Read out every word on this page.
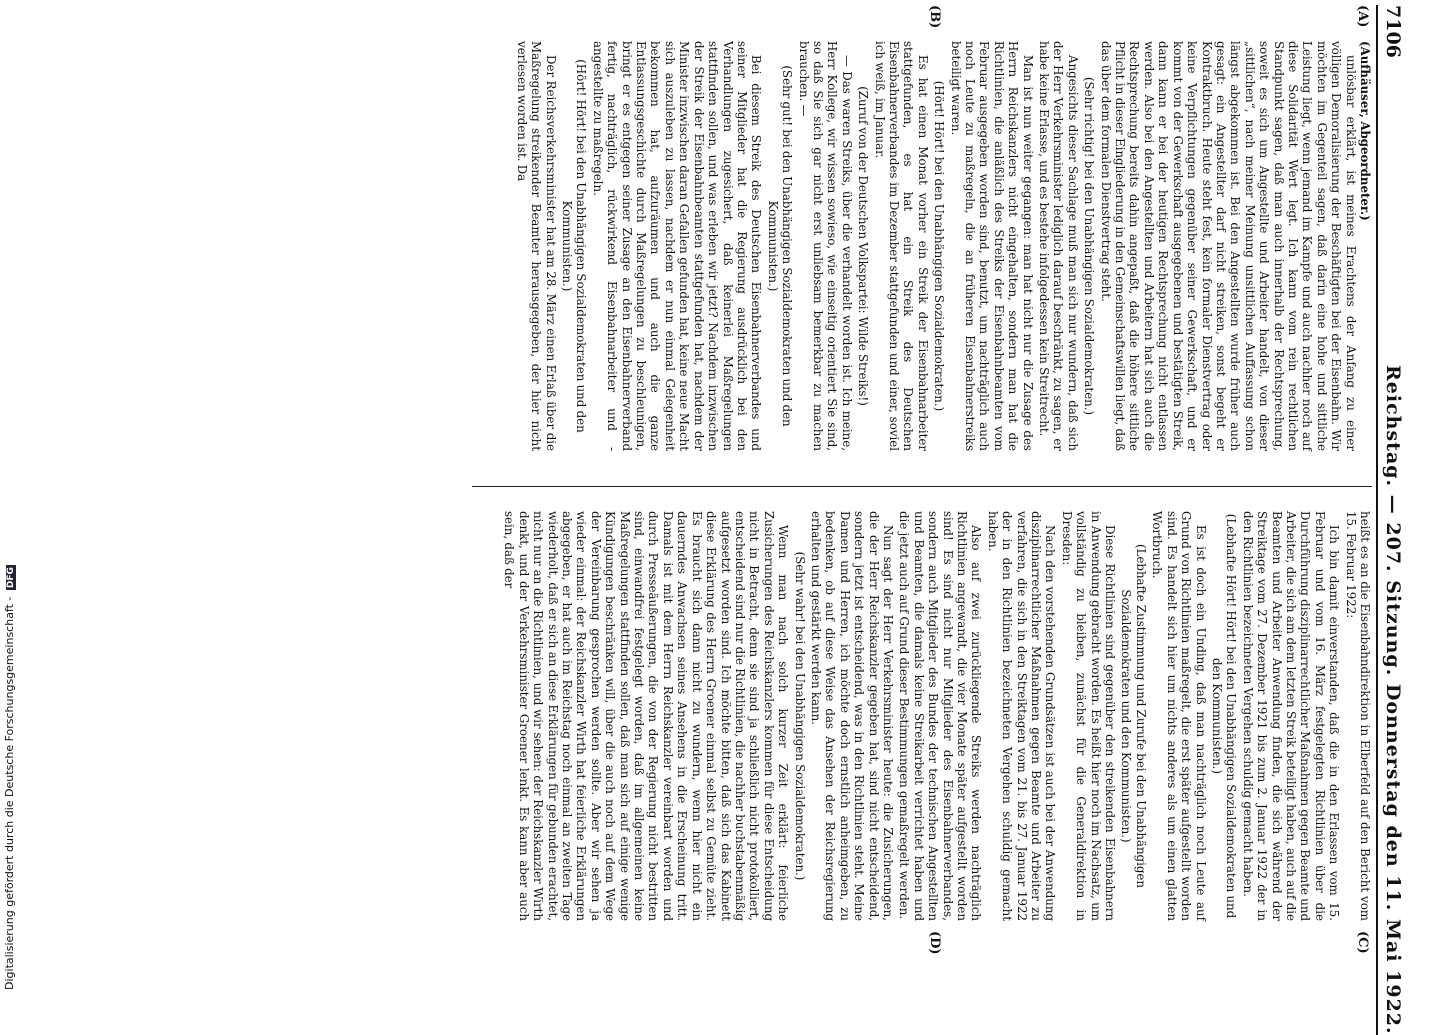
7106
Reichstag. — 207. Sitzung. Donnerstag den 11. Mai 1922.
(A)
(B)
(C)
(D)
(Aufhäuser, Abgeordneter.)

unlösbar erklärt, ist meines Erachtens der Anfang zu einer völligen Demoralisierung der Beschäftigten bei der Eisenbahn. Wir möchten im Gegenteil sagen, daß darin eine hohe und sittliche Leistung liegt, wenn jemand im Kampfe und auch nachher noch auf diese Solidarität Wert legt. Ich kann vom rein rechtlichen Standpunkt sagen, daß man auch innerhalb der Rechtsprechung, soweit es sich um Angestellte und Arbeiter handelt, von dieser „sittlichen“, nach meiner Meinung unsittlichen Auffassung schon längst abgekommen ist. Bei den Angestellten wurde früher auch gesagt: ein Angestellter darf nicht streiken, sonst begeht er Kontraktbruch. Heute steht fest, kein formaler Dienstvertrag oder keine Verpflichtungen gegenüber seiner Gewerkschaft, und er kommt von der Gewerkschaft ausgegebenen und bestätigten Streik, dann kann er bei der heutigen Rechtsprechung nicht entlassen werden. Also bei den Angestellten und Arbeitern hat sich auch die Rechtsprechung bereits dahin angepaßt, daß die höhere sittliche Pflicht in dieser Eingliederung in den Gemeinschaftswillen liegt, daß das über dem formalen Dienstvertrag steht.

(Sehr richtig! bei den Unabhängigen Sozialdemokraten.)

Angesichts dieser Sachlage muß man sich nur wundern, daß sich der Herr Verkehrsminister lediglich darauf beschränkt, zu sagen, er habe keine Erlasse, und es bestehe infolgedessen kein Streitrecht.

Man ist nun weiter gegangen: man hat nicht nur die Zusage des Herrn Reichskanzlers nicht eingehalten, sondern man hat die Richtlinien, die anläßlich des Streiks der Eisenbahnbeamten vom Februar ausgegeben worden sind, benutzt, um nachträglich auch noch Leute zu maßregeln, die an früheren Eisenbahnerstreiks beteiligt waren.

(Hört! Hört! bei den Unabhängigen Sozialdemokraten.)

Es hat einen Monat vorher ein Streik der Eisenbahnarbeiter stattgefunden, es hat ein Streik des Deutschen Eisenbahnerverbandes im Dezember stattgefunden und einer, soviel ich weiß, im Januar.

(Zuruf von der Deutschen Volkspartei: Wilde Streiks!)

— Das waren Streiks, über die verhandelt worden ist. Ich meine, Herr Kollege, wir wissen sowieso, wie einseitig orientiert Sie sind, so daß Sie sich gar nicht erst unliebsam bemerkbar zu machen brauchen. —

(Sehr gut! bei den Unabhängigen Sozialdemokraten und den Kommunisten.)

Bei diesem Streik des Deutschen Eisenbahnerverbandes und seiner Mitglieder hat die Regierung ausdrücklich bei den Verhandlungen zugesichert, daß keinerlei Maßregelungen stattfinden sollen, und was erleben wir jetzt? Nachdem inzwischen der Streik der Eisenbahnbeamten stattgefunden hat, nachdem der Minister inzwischen daran Gefallen gefunden hat, keine neue Macht sich auszuleben zu lassen, nachdem er nun einmal Gelegenheit bekommen hat, aufzuräumen und auch die ganze Entlassungsgeschichte durch Maßregelungen zu beschleunigen, bringt er es entgegen seiner Zusage an den Eisenbahnerverband fertig, nachträglich, rückwirkend Eisenbahnarbeiter und -angestellte zu maßregeln.

(Hört! Hört! bei den Unabhängigen Sozialdemokraten und den Kommunisten.)

Der Reichsverkehrsminister hat am 28. März einen Erlaß über die Maßregelung streikender Beamter herausgegeben, der hier nicht verlesen worden ist. Da

heißt es an die Eisenbahndirektion in Elberfeld auf den Bericht vom 15. Februar 1922:

Ich bin damit einverstanden, daß die in den Erlassen vom 15. Februar und vom 16. März festgelegten Richtlinien über die Durchführung disziplinarrechtlicher Maßnahmen gegen Beamte und Arbeiter, die sich am dem letzten Streik beteiligt haben, auch auf die Beamten und Arbeiter Anwendung finden, die sich während der Streiktage vom 27. Dezember 1921 bis zum 2. Januar 1922 der in den Richtlinien bezeichneten Vergehen schuldig gemacht haben.

(Lebhafte Hört! Hört! bei den Unabhängigen Sozialdemokraten und den Kommunisten.)

Es ist doch ein Unding, daß man nachträglich noch Leute auf Grund von Richtlinien maßregelt, die erst später aufgestellt worden sind. Es handelt sich hier um nichts anderes als um einen glatten Wortbruch.

(Lebhafte Zustimmung und Zurufe bei den Unabhängigen Sozialdemokraten und den Kommunisten.)

Diese Richtlinien sind gegenüber den streikenden Eisenbahnern in Anwendung gebracht worden. Es heißt hier noch im Nachsatz, um vollständig zu bleiben, zunächst für die Generaldirektion in Dresden:

Nach den vorstehenden Grundsätzen ist auch bei der Anwendung disziplinarrechtlicher Maßnahmen gegen Beamte und Arbeiter zu verfahren, die sich in den Streiktagen vom 21. bis 27. Januar 1922 der in den Richtlinien bezeichneten Vergehen schuldig gemacht haben.

Also auf zwei zurückliegende Streiks werden nachträglich Richtlinien angewandt, die vier Monate später aufgestellt worden sind! Es sind nicht nur Mitglieder des Eisenbahnerverbandes, sondern auch Mitglieder des Bundes der technischen Angestellten und Beamten, die damals keine Streikarbeit verrichtet haben und die jetzt auch auf Grund dieser Bestimmungen gemaßregelt werden.

Nun sagt der Herr Verkehrsminister heute: die Zusicherungen, die der Herr Reichskanzler gegeben hat, sind nicht entscheidend, sondern jetzt ist entscheidend, was in den Richtlinien steht. Meine Damen und Herren, ich möchte doch ernstlich anheimgeben, zu bedenken, ob auf diese Weise das Ansehen der Reichsregierung erhalten und gestärkt werden kann.

(Sehr wahr! bei den Unabhängigen Sozialdemokraten.)

Wenn man nach solch kurzer Zeit erklärt: feierliche Zusicherungen des Reichskanzlers kommen für diese Entscheidung nicht in Betracht, denn sie sind ja schließlich nicht protokolliert, entscheidend sind nur die Richtlinien, die nachher buchstabenmäßig aufgesetzt worden sind. Ich möchte bitten, daß sich das Kabinett diese Erklärung des Herrn Groener einmal selbst zu Gemüte zieht. Es braucht sich dann nicht zu wundern, wenn hier nicht ein dauerndes Anwachsen seines Ansehens in die Erscheinung tritt. Damals ist mit dem Herrn Reichskanzler vereinbart worden und durch Presseäußerungen, die von der Regierung nicht bestritten sind, einwandfrei festgelegt worden, daß im allgemeinen keine Maßregelungen stattfinden sollen, daß man sich auf einige wenige Kündigungen beschränken will, über die auch noch auf dem Wege der Vereinbarung gesprochen werden sollte. Aber wir sehen ja wieder einmal: der Reichskanzler Wirth hat feierliche Erklärungen abgegeben, er hat auch im Reichstag noch einmal an zweiten Tage wiederholt, daß er sich an diese Erklärungen für gebunden erachtet, nicht nur an die Richtlinien, und wir sehen: der Reichskanzler Wirth denkt, und der Verkehrsminister Groener lenkt. Es kann aber auch sein, daß der

Digitalisierung gefördert durch die Deutsche Forschungsgemeinschaft - DFG
